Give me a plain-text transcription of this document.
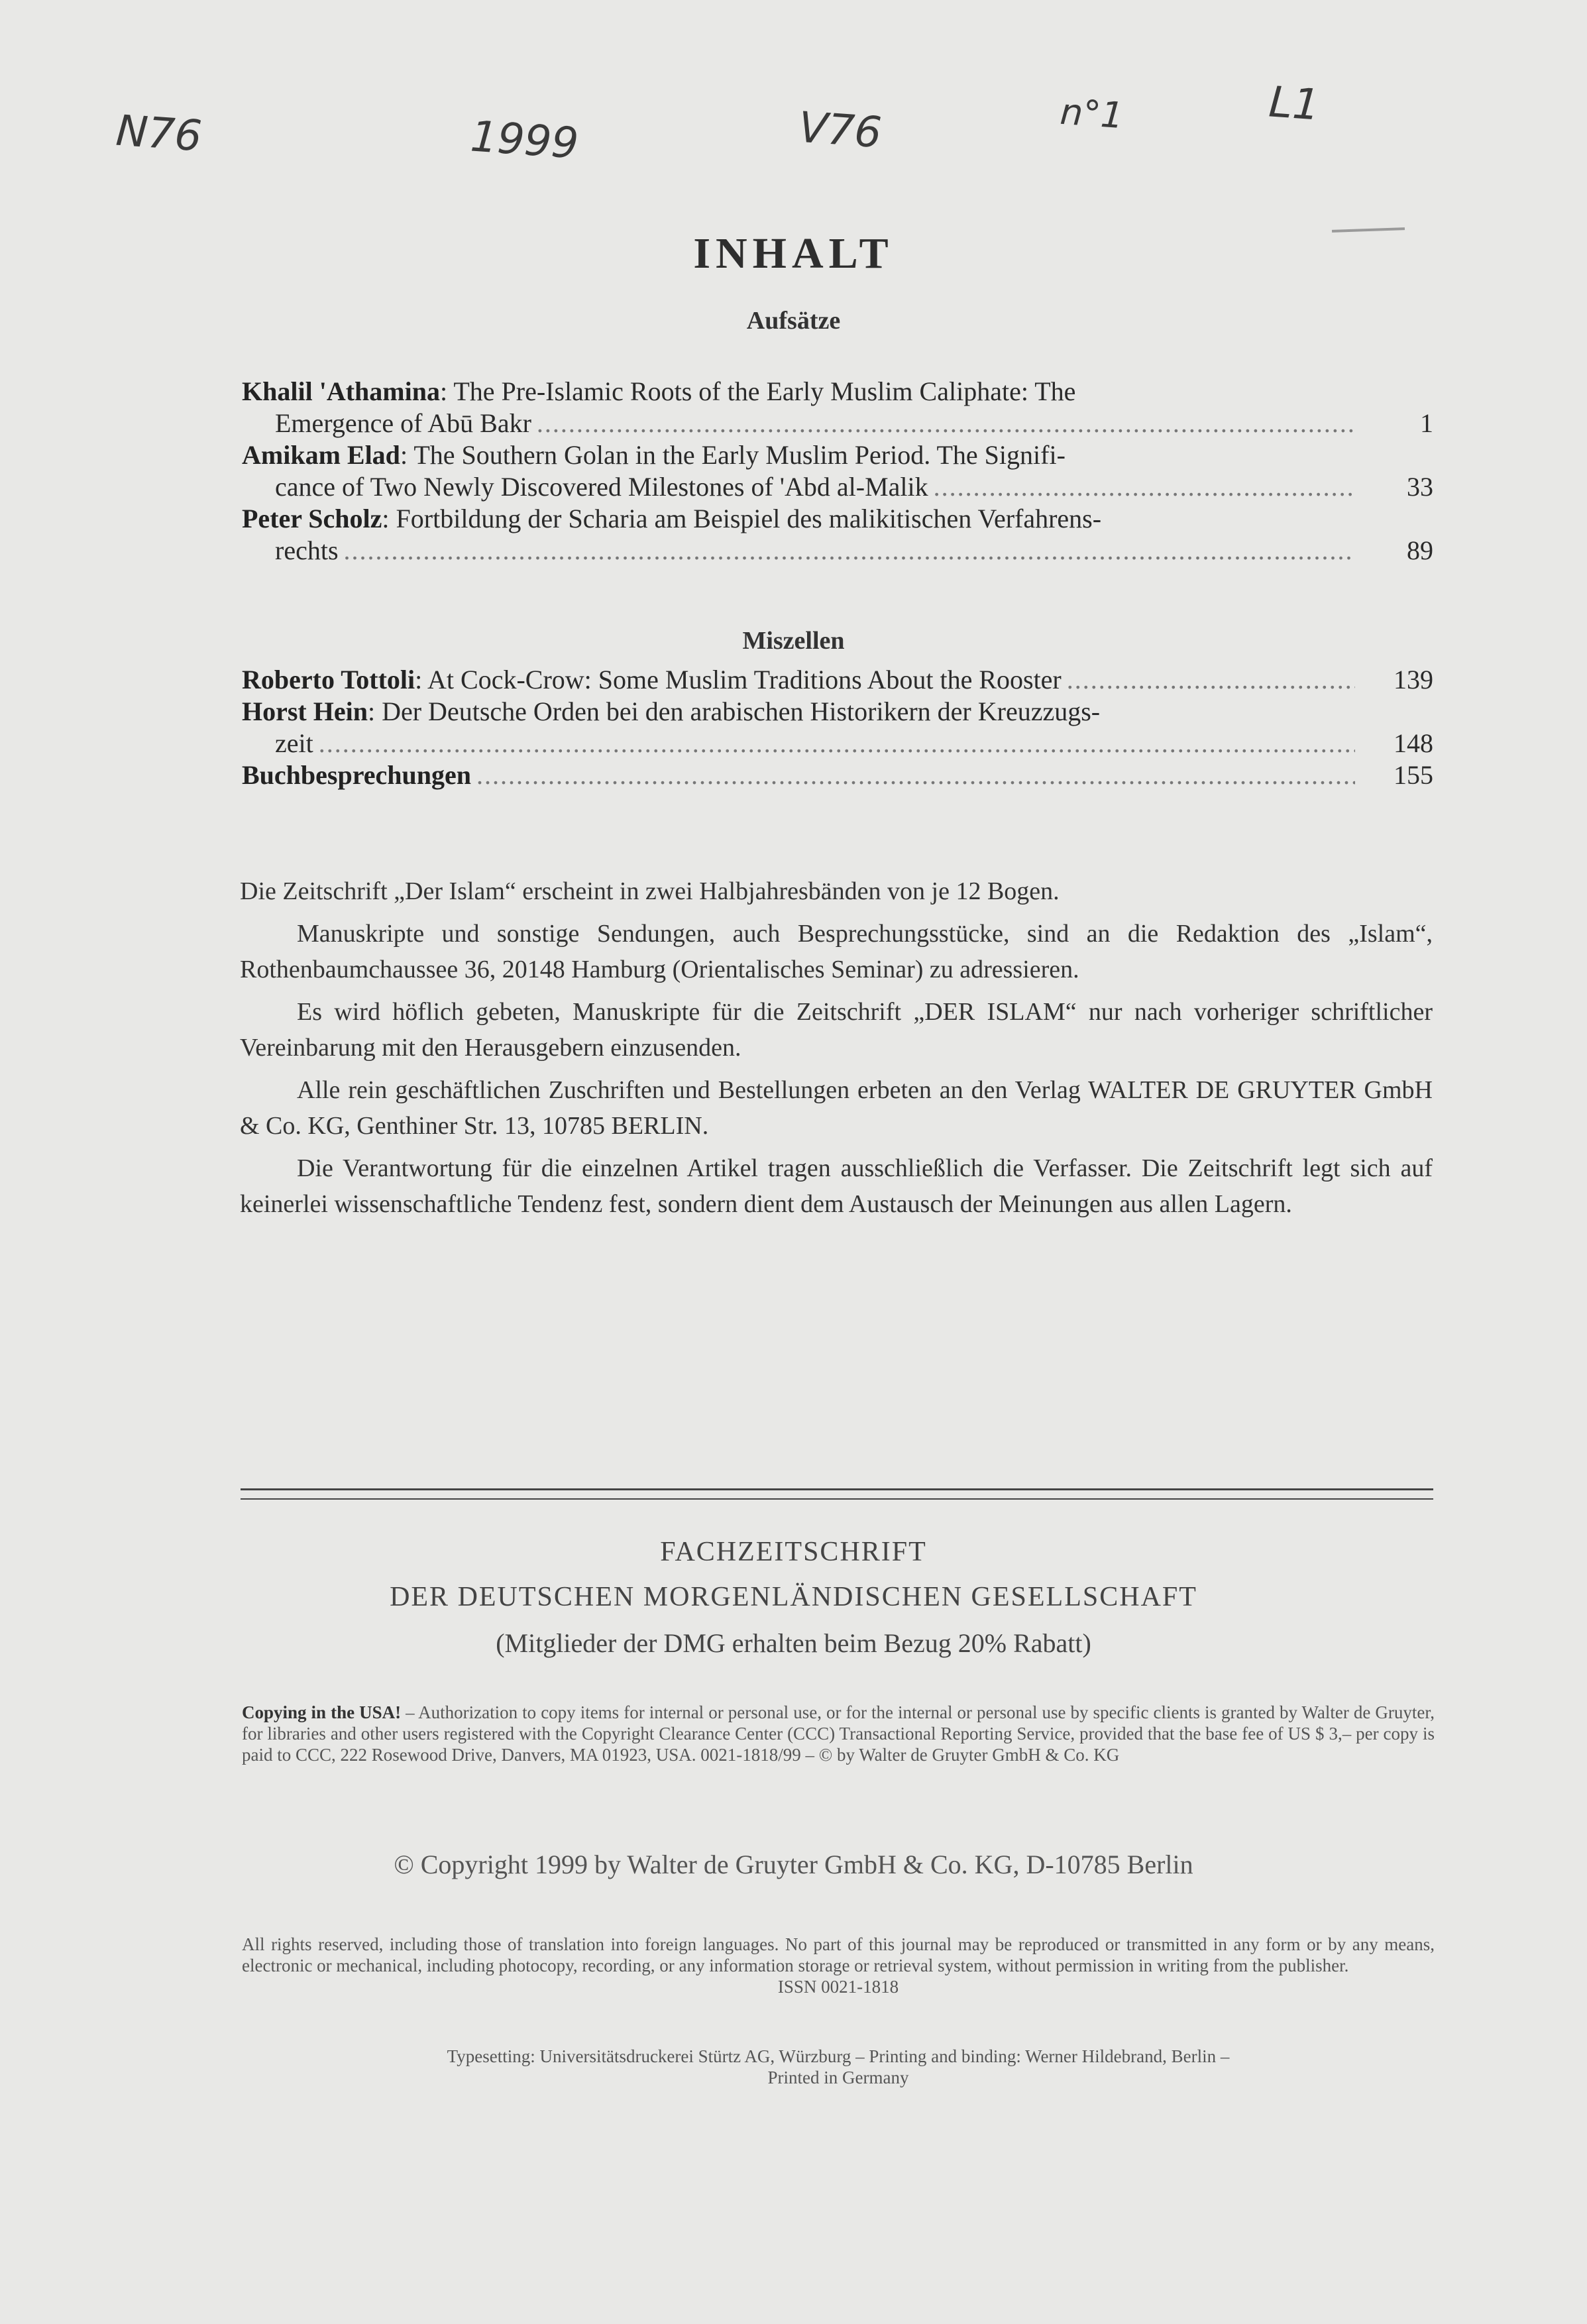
N76	1999	V76	n°1	L1
INHALT
Aufsätze
Khalil 'Athamina: The Pre-Islamic Roots of the Early Muslim Caliphate: The
Emergence of Abū Bakr .....	1
Amikam Elad: The Southern Golan in the Early Muslim Period. The Signifi-
cance of Two Newly Discovered Milestones of 'Abd al-Malik .....	33
Peter Scholz: Fortbildung der Scharia am Beispiel des malikitischen Verfahrens-
rechts .....	89
Miszellen
Roberto Tottoli : At Cock-Crow: Some Muslim Traditions About the Rooster .....	139
Horst Hein: Der Deutsche Orden bei den arabischen Historikern der Kreuzzugs-
zeit .....	148
Buchbesprechungen .....	155

Die Zeitschrift „Der Islam“ erscheint in zwei Halbjahresbänden von je 12 Bogen.

Manuskripte und sonstige Sendungen, auch Besprechungsstücke, sind an die Redaktion des „Islam“, Rothenbaumchaussee 36, 20148 Hamburg (Orientalisches Seminar) zu adressieren.

Es wird höflich gebeten, Manuskripte für die Zeitschrift „DER ISLAM“ nur nach vorheriger schriftlicher Vereinbarung mit den Herausgebern einzusenden.

Alle rein geschäftlichen Zuschriften und Bestellungen erbeten an den Verlag WALTER DE GRUYTER GmbH & Co. KG, Genthiner Str. 13, 10785 BERLIN.

Die Verantwortung für die einzelnen Artikel tragen ausschließlich die Verfasser. Die Zeitschrift legt sich auf keinerlei wissenschaftliche Tendenz fest, sondern dient dem Austausch der Meinungen aus allen Lagern.

FACHZEITSCHRIFT
DER DEUTSCHEN MORGENLÄNDISCHEN GESELLSCHAFT
(Mitglieder der DMG erhalten beim Bezug 20% Rabatt)
Copying in the USA! – Authorization to copy items for internal or personal use, or for the internal or personal use by specific clients is granted by Walter de Gruyter, for libraries and other users registered with the Copyright Clearance Center (CCC) Transactional Reporting Service, provided that the base fee of US $ 3,– per copy is paid to CCC, 222 Rosewood Drive, Danvers, MA 01923, USA. 0021-1818/99 – © by Walter de Gruyter GmbH & Co. KG
© Copyright 1999 by Walter de Gruyter GmbH & Co. KG, D-10785 Berlin
All rights reserved, including those of translation into foreign languages. No part of this journal may be reproduced or transmitted in any form or by any means, electronic or mechanical, including photocopy, recording, or any information storage or retrieval system, without permission in writing from the publisher.
ISSN 0021-1818
Typesetting: Universitätsdruckerei Stürtz AG, Würzburg – Printing and binding: Werner Hildebrand, Berlin –
Printed in Germany
